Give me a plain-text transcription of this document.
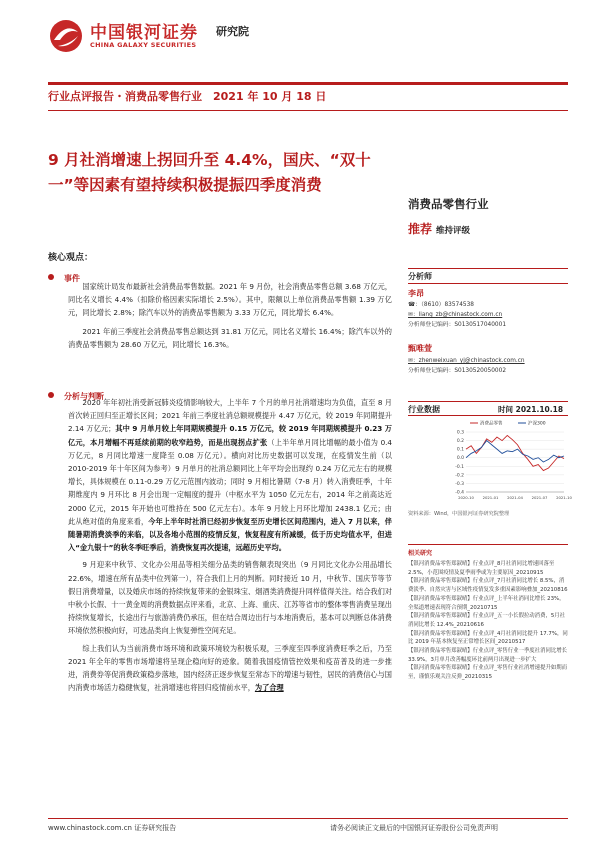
中国银河证券 研究院
CHINA GALAXY SECURITIES
行业点评报告・消费品零售行业　2021 年 10 月 18 日
9 月社消增速上拐回升至 4.4%，国庆、“双十一”等因素有望持续积极提振四季度消费
消费品零售行业
推荐 维持评级
分析师
李昂
☎：（8610）83574538
✉：liang_zb@chinastock.com.cn
分析师登记编码：S0130517040001
甄唯萱
✉：zhenweixuan_yj@chinastock.com.cn
分析师登记编码：S0130520050002
行业数据	时间 2021.10.18
-0.4
-0.3
-0.2
-0.1
0.0
0.1
0.2
0.3
2020-10 2021-01 2021-04 2021-07 2021-10
消费品零售	沪深300
资料来源：Wind，中国银河证券研究院整理
相关研究
【银河消费品零售郑淑晴】行业点评_8月社消同比增速回落至 2.5%，小范围疫情及夏季雨季或为主要原因_20210915
【银河消费品零售郑淑晴】行业点评_7月社消同比增长 8.5%，消费淡季、自然灾害与区域性疫情复发多重因素影响叠加_20210816
【银河消费品零售郑淑晴】行业点评_上半年社消同比增长 23%，全渠道增速表现符合预期_20210715
【银河消费品零售郑淑晴】行业点评_五一小长假拉动消费，5月社消同比增长 12.4%_20210616
【银河消费品零售郑淑晴】行业点评_4月社消同比提升 17.7%，同比 2019 年基本恢复至正常增长区间_20210517
【银河消费品零售郑淑晴】行业点评_零售行业一季度社消同比增长 33.9%，3月单月改善幅度环比前两月出现进一步扩大
【银河消费品零售郑淑晴】行业点评_零售行业社消增速提升如期而至，谨慎乐观关注反弹_20210315
核心观点：
事件

国家统计局发布最新社会消费品零售数据。2021 年 9 月份，社会消费品零售总额 3.68 万亿元，同比名义增长 4.4%（扣除价格因素实际增长 2.5%）。其中，限额以上单位消费品零售额 1.39 万亿元，同比增长 2.8%；除汽车以外的消费品零售额为 3.33 万亿元，同比增长 6.4%。

2021 年前三季度社会消费品零售总额达到 31.81 万亿元，同比名义增长 16.4%；除汽车以外的消费品零售额为 28.60 万亿元，同比增长 16.3%。

分析与判断

2020 年年初社消受新冠肺炎疫情影响较大，上半年 7 个月的单月社消增速均为负值，直至 8 月首次转正回归至正增长区间；2021 年前三季度社消总额规模提升 4.47 万亿元，较 2019 年同期提升 2.14 万亿元；其中 9 月单月较上年同期规模提升 0.15 万亿元，较 2019 年同期规模提升 0.23 万亿元，本月增幅不再延续前期的收窄趋势，而是出现拐点扩张（上半年单月同比增幅的最小值为 0.4 万亿元，8 月同比增速一度降至 0.08 万亿元）。横向对比历史数据可以发现，在疫情发生前（以 2010-2019 年十年区间为参考）9 月单月的社消总额同比上年平均会出现约 0.24 万亿元左右的规模增长，具体规模在 0.11-0.29 万亿元范围内波动；同时 9 月相比暑期（7-8 月）转入消费旺季，十年期维度内 9 月环比 8 月会出现一定幅度的提升（中枢水平为 1050 亿元左右，2014 年之前高达近 2000 亿元，2015 年开始也可维持在 500 亿元左右）。本年 9 月较上月环比增加 2438.1 亿元；由此从绝对值的角度来看，今年上半年时社消已经初步恢复至历史增长区间范围内，进入 7 月以来，伴随暑期消费淡季的来临，以及各地小范围的疫情反复，恢复程度有所减缓，低于历史均值水平，但进入“金九银十”的秋冬季旺季后，消费恢复再次提速，远超历史平均。

9 月迎来中秋节、文化办公用品等相关细分品类的销售额表现突出（9 月同比文化办公用品增长 22.6%，增速在所有品类中位列第一），符合我们上月的判断。同时接近 10 月，中秋节、国庆节等节假日消费增量，以及婚庆市场的持续恢复带来的金银珠宝、烟酒类消费提升同样值得关注。结合我们对中秋小长假、十一黄金周的消费数据点评来看，北京、上海、重庆、江苏等省市的整体零售消费呈现出持续恢复增长，长途出行与旅游消费仍承压，但在结合周边出行与本地消费后，基本可以判断总体消费环境依然积极向好，可选品类向上恢复弹性空间充足。

综上我们认为当前消费市场环境和政策环境较为积极乐观，三季度至四季度消费旺季之后，乃至 2021 年全年的零售市场增速将呈现企稳向好的迹象。随着我国疫情管控效果和疫苗普及的进一步推进，消费券等促消费政策稳步落地，国内经济正逐步恢复至常态下的增速与韧性，居民的消费信心与国内消费市场活力稳健恢复，社消增速也将回归疫情前水平，为了合理

www.chinastock.com.cn 证券研究报告	请务必阅读正文最后的中国银河证券股份公司免责声明
